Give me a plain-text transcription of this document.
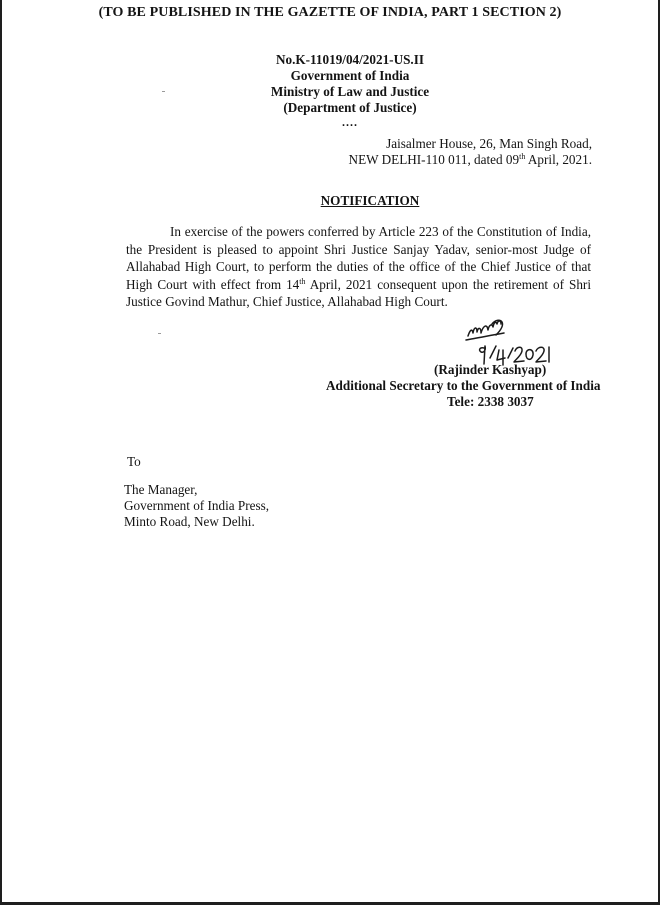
(TO BE PUBLISHED IN THE GAZETTE OF INDIA, PART 1 SECTION 2)
No.K-11019/04/2021-US.II
Government of India
Ministry of Law and Justice
(Department of Justice)
....
Jaisalmer House, 26, Man Singh Road,
NEW DELHI-110 011, dated 09th April, 2021.
NOTIFICATION
In exercise of the powers conferred by Article 223 of the Constitution of India, the President is pleased to appoint Shri Justice Sanjay Yadav, senior-most Judge of Allahabad High Court, to perform the duties of the office of the Chief Justice of that High Court with effect from 14th April, 2021 consequent upon the retirement of Shri Justice Govind Mathur, Chief Justice, Allahabad High Court.
(Rajinder Kashyap)
Additional Secretary to the Government of India
Tele: 2338 3037
To
The Manager,
Government of India Press,
Minto Road, New Delhi.
